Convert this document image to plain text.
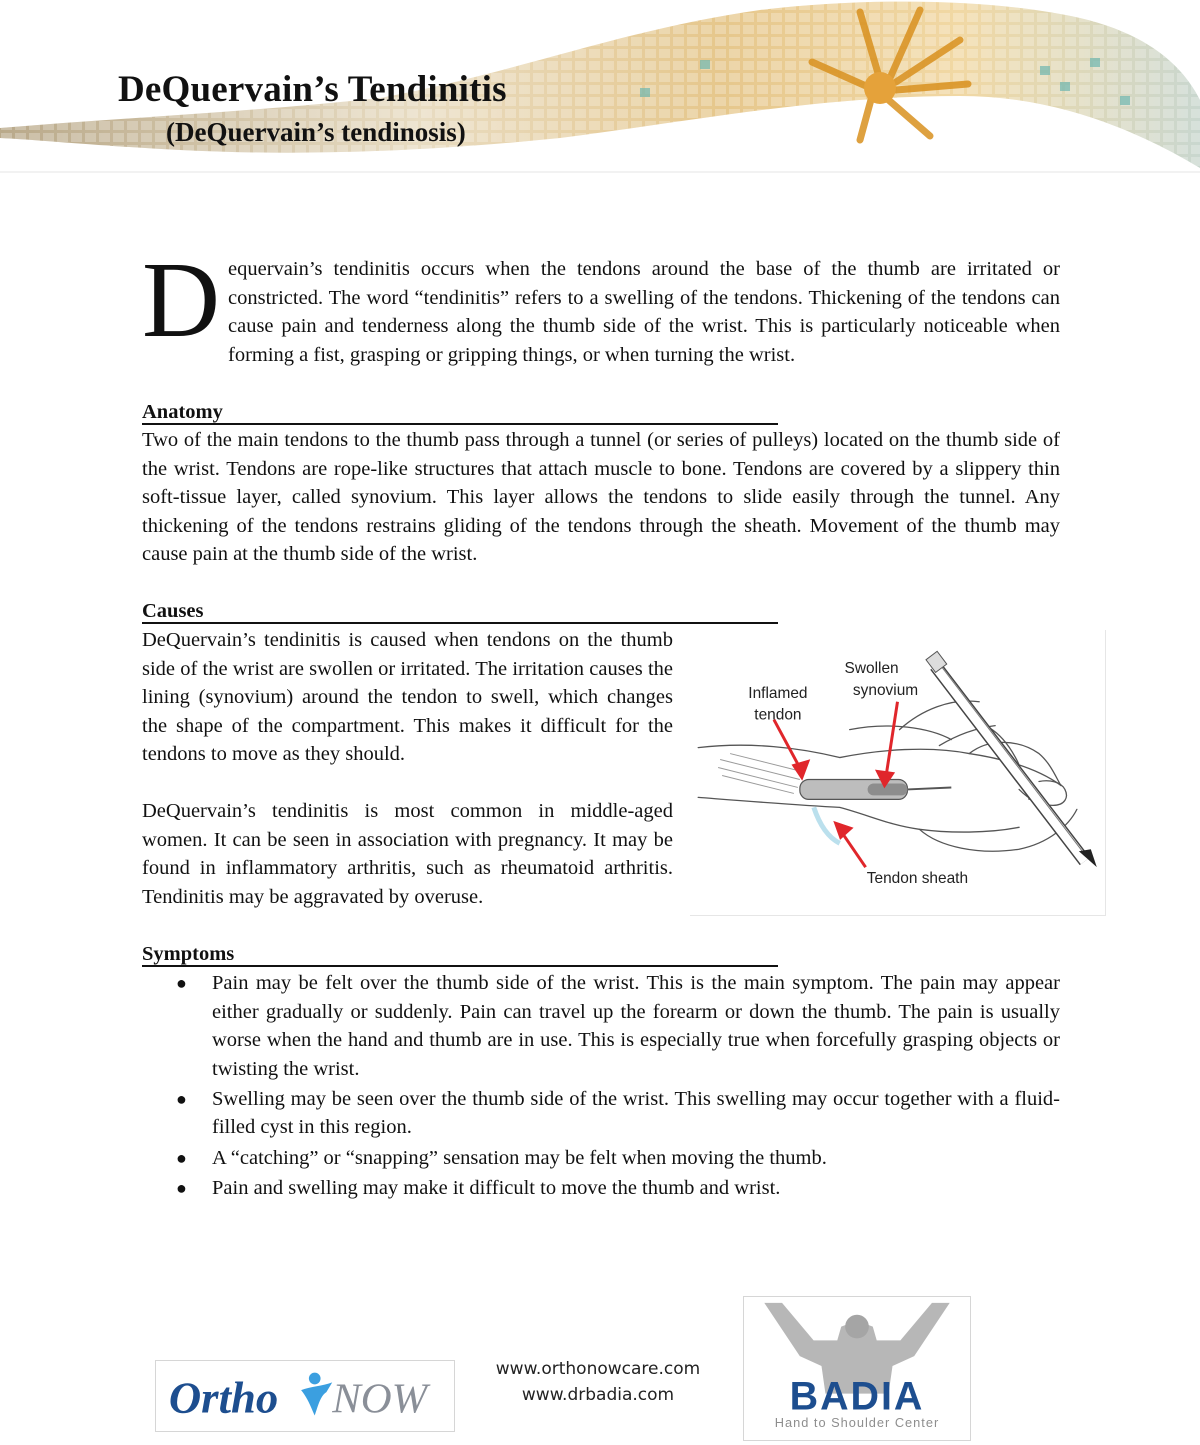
DeQuervain’s Tendinitis
(DeQuervain’s tendinosis)
Dequervain’s tendinitis occurs when the tendons around the base of the thumb are irritated or constricted. The word “tendinitis” refers to a swelling of the tendons. Thickening of the tendons can cause pain and tenderness along the thumb side of the wrist. This is particularly noticeable when forming a fist, grasping or gripping things, or when turning the wrist.
Anatomy
Two of the main tendons to the thumb pass through a tunnel (or series of pulleys) located on the thumb side of the wrist. Tendons are rope-like structures that attach muscle to bone. Tendons are covered by a slippery thin soft-tissue layer, called synovium. This layer allows the tendons to slide easily through the tunnel. Any thickening of the tendons restrains gliding of the tendons through the sheath. Movement of the thumb may cause pain at the thumb side of the wrist.
Causes
DeQuervain’s tendinitis is caused when tendons on the thumb side of the wrist are swollen or irritated. The irritation causes the lining (synovium) around the tendon to swell, which changes the shape of the compartment. This makes it difficult for the tendons to move as they should.
DeQuervain’s tendinitis is most common in middle-aged women. It can be seen in association with pregnancy. It may be found in inflammatory arthritis, such as rheumatoid arthritis. Tendinitis may be aggravated by overuse.
Inflamed
tendon
Swollen
synovium
Tendon sheath
Symptoms
● Pain may be felt over the thumb side of the wrist. This is the main symptom. The pain may appear either gradually or suddenly. Pain can travel up the forearm or down the thumb. The pain is usually worse when the hand and thumb are in use. This is especially true when forcefully grasping objects or twisting the wrist.
● Swelling may be seen over the thumb side of the wrist. This swelling may occur together with a fluid-filled cyst in this region.
● A “catching” or “snapping” sensation may be felt when moving the thumb.
● Pain and swelling may make it difficult to move the thumb and wrist.
Ortho NOW
www.orthonowcare.com
www.drbadia.com	BADIA
Hand to Shoulder Center
